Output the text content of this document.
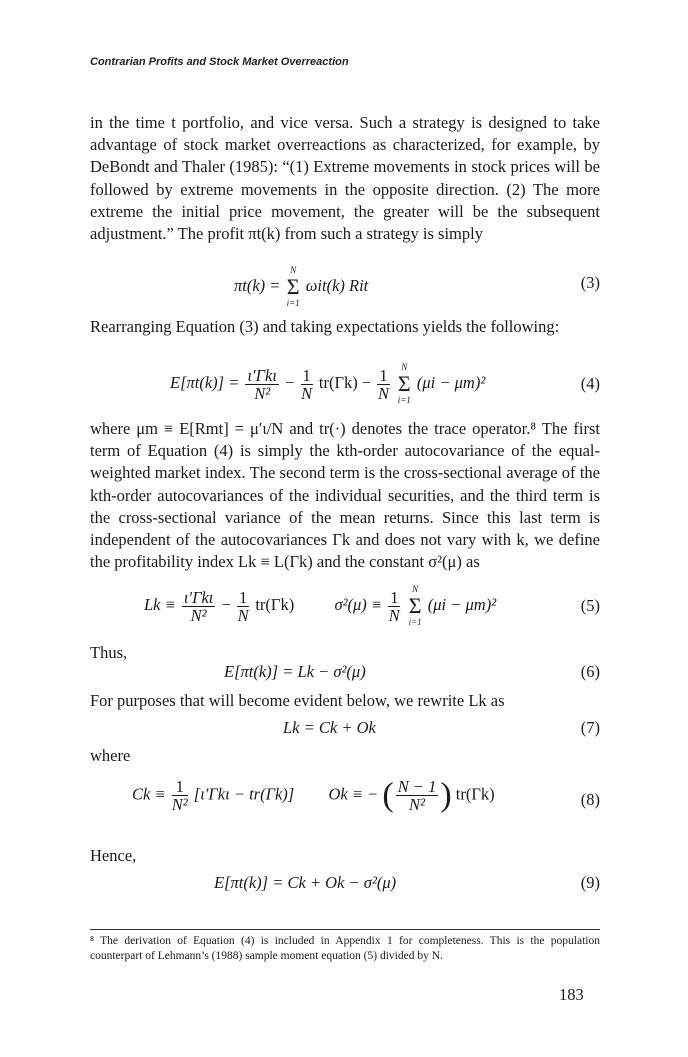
Contrarian Profits and Stock Market Overreaction

in the time t portfolio, and vice versa. Such a strategy is designed to take advantage of stock market overreactions as characterized, for example, by DeBondt and Thaler (1985): “(1) Extreme movements in stock prices will be followed by extreme movements in the opposite direction. (2) The more extreme the initial price movement, the greater will be the subsequent adjustment.” The profit πt(k) from such a strategy is simply

πt(k) =
N
Σ
i=1
ωit(k) Rit	(3)

Rearranging Equation (3) and taking expectations yields the following:

$E[\pi t(k)] = \frac{\text{ι′Γkι}}{\text{N²}} - \frac{1}{N} tr(\Gamma k) - \frac{1}{N}$
	N
Σ
i=1
(μi − μm)²	(4)

where μm ≡ E[Rmt] = μ′ι/N and tr(·) denotes the trace operator.⁸ The first term of Equation (4) is simply the kth-order autocovariance of the equal-weighted market index. The second term is the cross-sectional average of the kth-order autocovariances of the individual securities, and the third term is the cross-sectional variance of the mean returns. Since this last term is independent of the autocovariances Γk and does not vary with k, we define the profitability index Lk ≡ L(Γk) and the constant σ²(μ) as

$Lk \equiv \frac{\text{ι′Γkι}}{\text{N²}} - \frac{1}{N} tr(\Gamma k) \sigma^2(\mu) \equiv \frac{1}{N}$
	N
Σ
i=1
(μi − μm)²	(5)
Thus,
E[πt(k)] = Lk − σ²(μ)	(6)

For purposes that will become evident below, we rewrite Lk as

Lk = Ck + Ok	(7)
where
$Ck \equiv \frac{1}{\text{N²}} [\iota'\Gamma k\iota - tr(\Gamma k)] Ok$ ≡ − ( $\frac{N - 1}{\text{N²}}$ ) tr(Γk)	(8)
Hence,
E[πt(k)] = Ck + Ok − σ²(μ)	(9)
⁸ The derivation of Equation (4) is included in Appendix 1 for completeness. This is the population counterpart of Lehmann’s (1988) sample moment equation (5) divided by N.
183
